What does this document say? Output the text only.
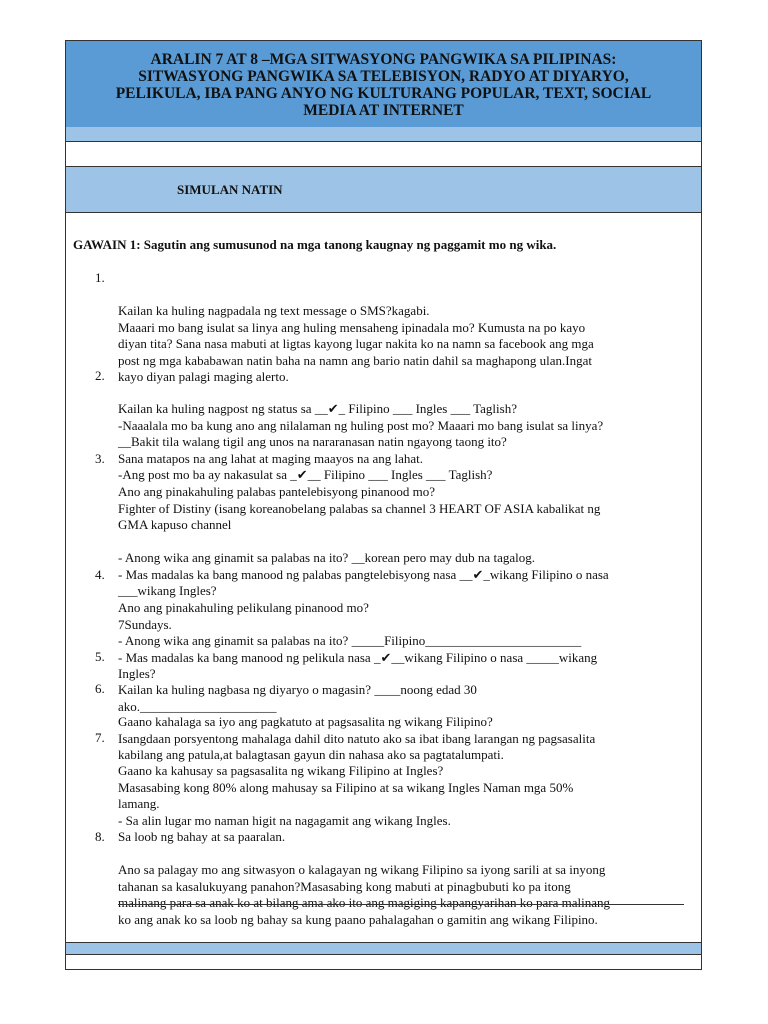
ARALIN 7 AT 8 –MGA SITWASYONG PANGWIKA SA PILIPINAS:
SITWASYONG PANGWIKA SA TELEBISYON, RADYO AT DIYARYO,
PELIKULA, IBA PANG ANYO NG KULTURANG POPULAR, TEXT, SOCIAL
MEDIA AT INTERNET
SIMULAN NATIN
GAWAIN 1: Sagutin ang sumusunod na mga tanong kaugnay ng paggamit mo ng wika.

1.

Kailan ka huling nagpadala ng text message o SMS?kagabi.
Maaari mo bang isulat sa linya ang huling mensaheng ipinadala mo? Kumusta na po kayo
diyan tita? Sana nasa mabuti at ligtas kayong lugar nakita ko na namn sa facebook ang mga
post ng mga kababawan natin baha na namn ang bario natin dahil sa maghapong ulan.Ingat
kayo diyan palagi maging alerto.

2.

Kailan ka huling nagpost ng status sa __✔_ Filipino ___ Ingles ___ Taglish?
-Naaalala mo ba kung ano ang nilalaman ng huling post mo? Maaari mo bang isulat sa linya?
__Bakit tila walang tigil ang unos na nararanasan natin ngayong taong ito?
Sana matapos na ang lahat at maging maayos na ang lahat.
-Ang post mo ba ay nakasulat sa _✔__ Filipino ___ Ingles ___ Taglish?

3.

Ano ang pinakahuling palabas pantelebisyong pinanood mo?
Fighter of Distiny (isang koreanobelang palabas sa channel 3 HEART OF ASIA kabalikat ng
GMA kapuso channel

- Anong wika ang ginamit sa palabas na ito? __korean pero may dub na tagalog.
- Mas madalas ka bang manood ng palabas pangtelebisyong nasa __✔_wikang Filipino o nasa
___wikang Ingles?

4.

Ano ang pinakahuling pelikulang pinanood mo?
7Sundays.
- Anong wika ang ginamit sa palabas na ito? _____Filipino________________________
- Mas madalas ka bang manood ng pelikula nasa _✔__wikang Filipino o nasa _____wikang
Ingles?

5.

Kailan ka huling nagbasa ng diyaryo o magasin? ____noong edad 30
ako._____________________

6.

Gaano kahalaga sa iyo ang pagkatuto at pagsasalita ng wikang Filipino?
Isangdaan porsyentong mahalaga dahil dito natuto ako sa ibat ibang larangan ng pagsasalita
kabilang ang patula,at balagtasan gayun din nahasa ako sa pagtatalumpati.

7.

Gaano ka kahusay sa pagsasalita ng wikang Filipino at Ingles?
Masasabing kong 80% along mahusay sa Filipino at sa wikang Ingles Naman mga 50%
lamang.
- Sa alin lugar mo naman higit na nagagamit ang wikang Ingles.
Sa loob ng bahay at sa paaralan.

8.

Ano sa palagay mo ang sitwasyon o kalagayan ng wikang Filipino sa iyong sarili at sa inyong
tahanan sa kasalukuyang panahon?Masasabing kong mabuti at pinagbubuti ko pa itong
malinang para sa anak ko at bilang ama ako ito ang magiging kapangyarihan ko para malinang
ko ang anak ko sa loob ng bahay sa kung paano pahalagahan o gamitin ang wikang Filipino.
